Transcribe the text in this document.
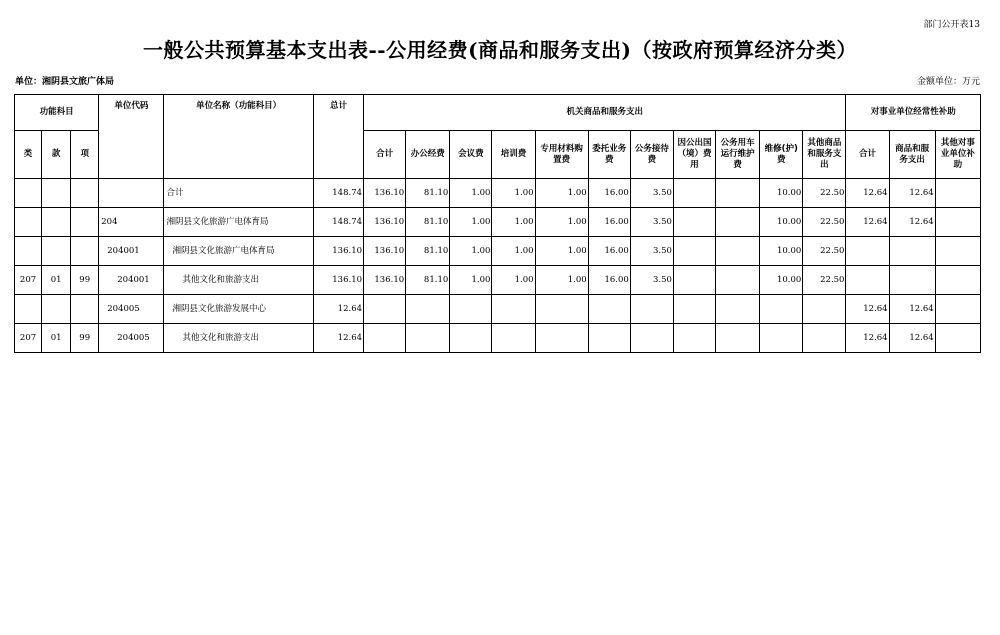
部门公开表13
一般公共预算基本支出表--公用经费(商品和服务支出)（按政府预算经济分类）
单位：湘阴县文旅广体局	金额单位：万元
功能科目			单位代码	单位名称（功能科目）	总计	机关商品和服务支出											对事业单位经常性补助		
类	款	项				合计	办公经费	会议费	培训费	专用材料购置费	委托业务费	公务接待费	因公出国（境）费用	公务用车运行维护费	维修(护)费	其他商品和服务支出	合计	商品和服务支出	其他对事业单位补助
				合计	148.74	136.10	81.10	1.00	1.00	1.00	16.00	3.50			10.00	22.50	12.64	12.64	
			204	湘阴县文化旅游广电体育局	148.74	136.10	81.10	1.00	1.00	1.00	16.00	3.50			10.00	22.50	12.64	12.64	
			204001	湘阴县文化旅游广电体育局	136.10	136.10	81.10	1.00	1.00	1.00	16.00	3.50			10.00	22.50			
207	01	99	204001	其他文化和旅游支出	136.10	136.10	81.10	1.00	1.00	1.00	16.00	3.50			10.00	22.50			
			204005	湘阴县文化旅游发展中心	12.64												12.64	12.64	
207	01	99	204005	其他文化和旅游支出	12.64												12.64	12.64	
